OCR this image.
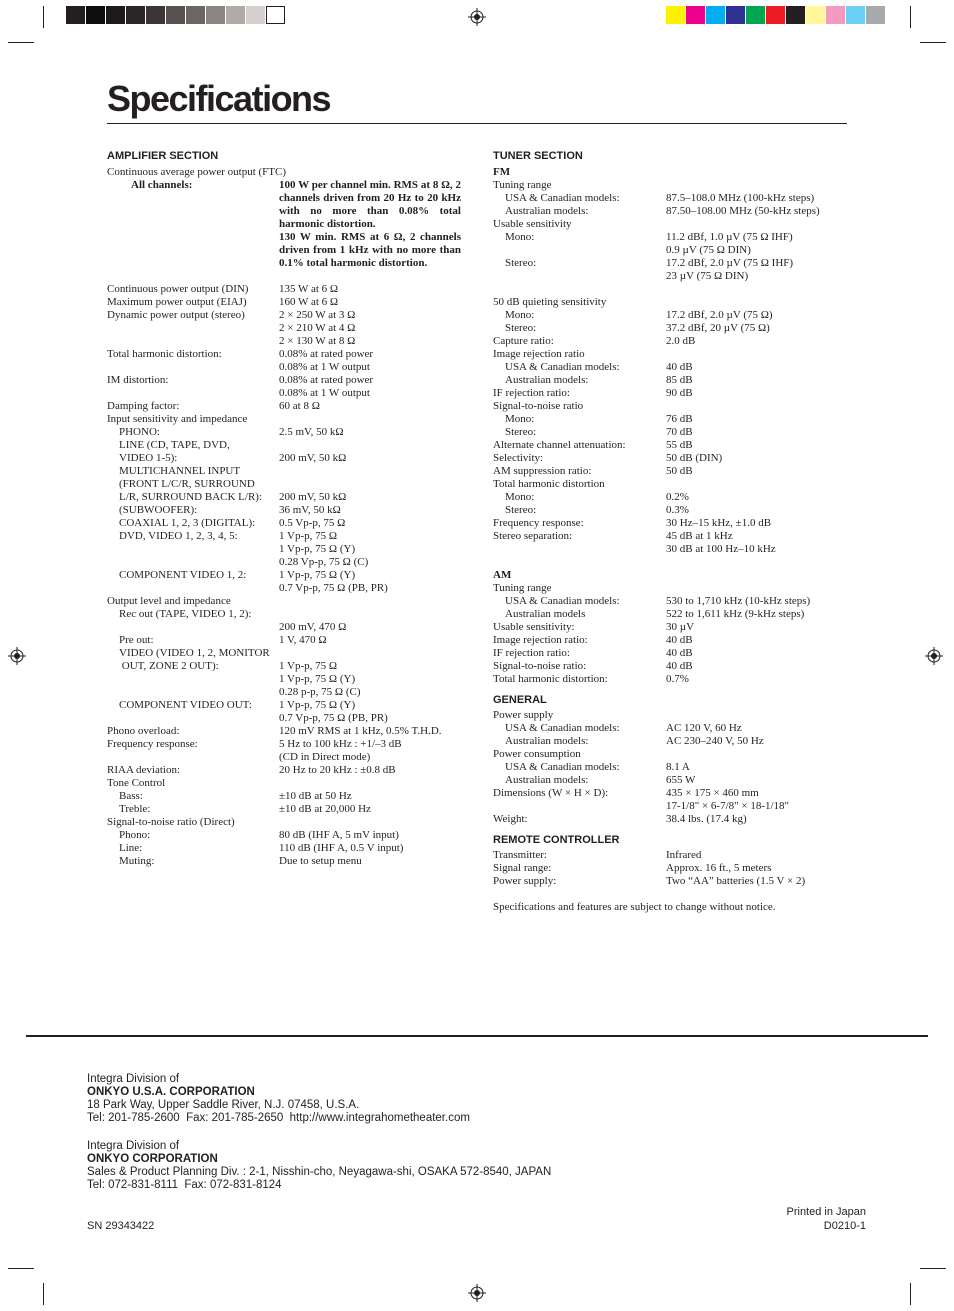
Specifications
AMPLIFIER SECTION
Continuous average power output (FTC)
All channels:	100 W per channel min. RMS at 8 Ω, 2 channels driven from 20 Hz to 20 kHz with no more than 0.08% total harmonic distortion.
130 W min. RMS at 6 Ω, 2 channels driven from 1 kHz with no more than 0.1% total harmonic distortion.
Continuous power output (DIN)	135 W at 6 Ω
Maximum power output (EIAJ)	160 W at 6 Ω
Dynamic power output (stereo)	2 × 250 W at 3 Ω
2 × 210 W at 4 Ω
2 × 130 W at 8 Ω
Total harmonic distortion:	0.08% at rated power
0.08% at 1 W output
IM distortion:	0.08% at rated power
0.08% at 1 W output
Damping factor:	60 at 8 Ω
Input sensitivity and impedance
PHONO:	2.5 mV, 50 kΩ
LINE (CD, TAPE, DVD,
VIDEO 1-5):	200 mV, 50 kΩ
MULTICHANNEL INPUT
(FRONT L/C/R, SURROUND
L/R, SURROUND BACK L/R): 200 mV, 50 kΩ
(SUBWOOFER):	36 mV, 50 kΩ
COAXIAL 1, 2, 3 (DIGITAL): 0.5 Vp-p, 75 Ω
DVD, VIDEO 1, 2, 3, 4, 5:	1 Vp-p, 75 Ω
1 Vp-p, 75 Ω (Y)
0.28 Vp-p, 75 Ω (C)
COMPONENT VIDEO 1, 2:	1 Vp-p, 75 Ω (Y)
0.7 Vp-p, 75 Ω (PB, PR)
Output level and impedance
Rec out (TAPE, VIDEO 1, 2):
200 mV, 470 Ω
Pre out:	1 V, 470 Ω
VIDEO (VIDEO 1, 2, MONITOR
OUT, ZONE 2 OUT):	1 Vp-p, 75 Ω
1 Vp-p, 75 Ω (Y)
0.28 p-p, 75 Ω (C)
COMPONENT VIDEO OUT: 1 Vp-p, 75 Ω (Y)
0.7 Vp-p, 75 Ω (PB, PR)
Phono overload:	120 mV RMS at 1 kHz, 0.5% T.H.D.
Frequency response:	5 Hz to 100 kHz : +1/–3 dB
(CD in Direct mode)
RIAA deviation:	20 Hz to 20 kHz : ±0.8 dB
Tone Control
Bass:	±10 dB at 50 Hz
Treble:	±10 dB at 20,000 Hz
Signal-to-noise ratio (Direct)
Phono:	80 dB (IHF A, 5 mV input)
Line:	110 dB (IHF A, 0.5 V input)
Muting:	Due to setup menu
TUNER SECTION
FM
Tuning range
USA & Canadian models:	87.5–108.0 MHz (100-kHz steps)
Australian models:	87.50–108.00 MHz (50-kHz steps)
Usable sensitivity
Mono:	11.2 dBf, 1.0 µV (75 Ω IHF)
0.9 µV (75 Ω DIN)
Stereo:	17.2 dBf, 2.0 µV (75 Ω IHF)
23 µV (75 Ω DIN)
50 dB quieting sensitivity
Mono:	17.2 dBf, 2.0 µV (75 Ω)
Stereo:	37.2 dBf, 20 µV (75 Ω)
Capture ratio:	2.0 dB
Image rejection ratio
USA & Canadian models:	40 dB
Australian models:	85 dB
IF rejection ratio:	90 dB
Signal-to-noise ratio
Mono:	76 dB
Stereo:	70 dB
Alternate channel attenuation:	55 dB
Selectivity:	50 dB (DIN)
AM suppression ratio:	50 dB
Total harmonic distortion
Mono:	0.2%
Stereo:	0.3%
Frequency response:	30 Hz–15 kHz, ±1.0 dB
Stereo separation:	45 dB at 1 kHz
30 dB at 100 Hz–10 kHz
AM
Tuning range
USA & Canadian models:	530 to 1,710 kHz (10-kHz steps)
Australian models	522 to 1,611 kHz (9-kHz steps)
Usable sensitivity:	30 µV
Image rejection ratio:	40 dB
IF rejection ratio:	40 dB
Signal-to-noise ratio:	40 dB
Total harmonic distortion:	0.7%
GENERAL
Power supply
USA & Canadian models:	AC 120 V, 60 Hz
Australian models:	AC 230–240 V, 50 Hz
Power consumption
USA & Canadian models:	8.1 A
Australian models:	655 W
Dimensions (W × H × D):	435 × 175 × 460 mm
17-1/8" × 6-7/8" × 18-1/18"
Weight:	38.4 lbs. (17.4 kg)
REMOTE CONTROLLER
Transmitter:	Infrared
Signal range:	Approx. 16 ft., 5 meters
Power supply:	Two “AA” batteries (1.5 V × 2)
Specifications and features are subject to change without notice.
Integra Division of
ONKYO U.S.A. CORPORATION
18 Park Way, Upper Saddle River, N.J. 07458, U.S.A.
Tel: 201-785-2600  Fax: 201-785-2650  http://www.integrahometheater.com
Integra Division of
ONKYO CORPORATION
Sales & Product Planning Div. : 2-1, Nisshin-cho, Neyagawa-shi, OSAKA 572-8540, JAPAN
Tel: 072-831-8111  Fax: 072-831-8124
SN 29343422
Printed in Japan
D0210-1
